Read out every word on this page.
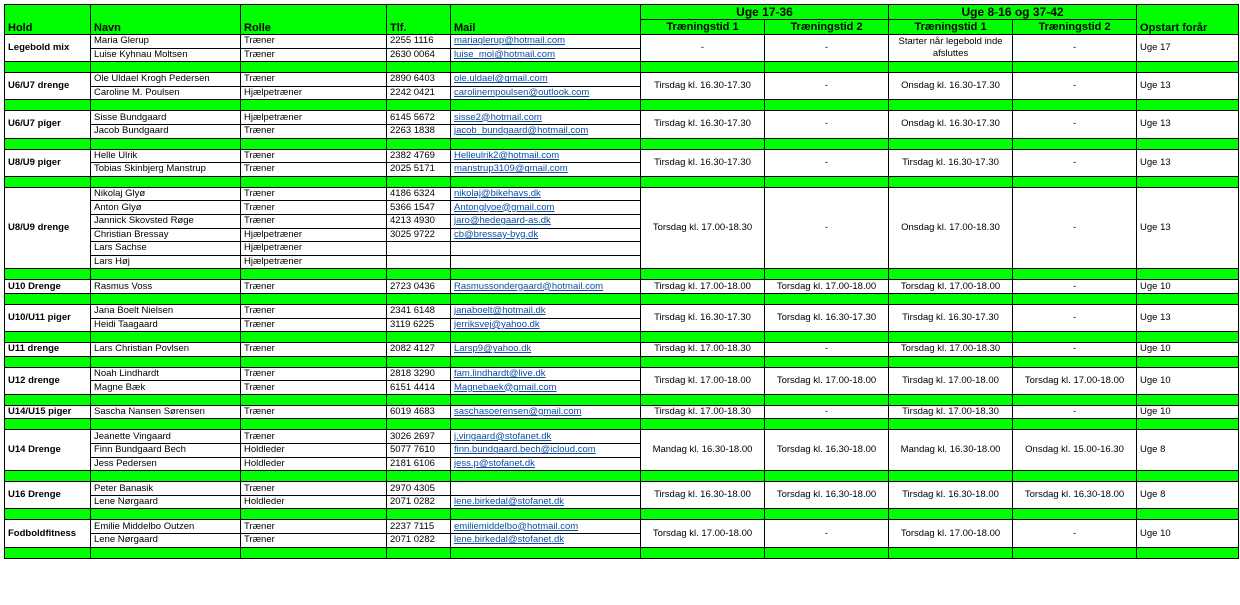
Hold	Navn	Rolle	Tlf.	Mail	Uge 17-36		Uge 8-16 og 37-42		Opstart forår
					Træningstid 1	Træningstid 2	Træningstid 1	Træningstid 2	
Legebold mix	Maria Glerup	Træner	2255 1116	mariaglerup@hotmail.com	-	-	Starter når legebold inde afsluttes	-	Uge 17
	Luise Kyhnau Moltsen	Træner	2630 0064	luise_mol@hotmail.com					

U6/U7 drenge	Ole Uldael Krogh Pedersen	Træner	2890 6403	ole.uldael@gmail.com	Tirsdag kl. 16.30-17.30	-	Onsdag kl. 16.30-17.30	-	Uge 13
	Caroline M. Poulsen	Hjælpetræner	2242 0421	carolinempoulsen@outlook.com					

U6/U7 piger	Sisse Bundgaard	Hjælpetræner	6145 5672	sisse2@hotmail.com	Tirsdag kl. 16.30-17.30	-	Onsdag kl. 16.30-17.30	-	Uge 13
	Jacob Bundgaard	Træner	2263 1838	jacob_bundgaard@hotmail.com					

U8/U9 piger	Helle Ulrik	Træner	2382 4769	Helleulrik2@hotmail.com	Tirsdag kl. 16.30-17.30	-	Tirsdag kl. 16.30-17.30	-	Uge 13
	Tobias Skinbjerg Manstrup	Træner	2025 5171	manstrup3109@gmail.com					

U8/U9 drenge	Nikolaj Glyø	Træner	4186 6324	nikolaj@bikehavs.dk	Torsdag kl. 17.00-18.30	-	Onsdag kl. 17.00-18.30	-	Uge 13
	Anton Glyø	Træner	5366 1547	Antonglyoe@gmail.com					
	Jannick Skovsted Røge	Træner	4213 4930	jaro@hedegaard-as.dk					
	Christian Bressay	Hjælpetræner	3025 9722	cb@bressay-byg.dk					
	Lars Sachse	Hjælpetræner							
	Lars Høj	Hjælpetræner							

U10 Drenge	Rasmus Voss	Træner	2723 0436	Rasmussondergaard@hotmail.com	Tirsdag kl. 17.00-18.00	Torsdag kl. 17.00-18.00	Torsdag kl. 17.00-18.00	-	Uge 10

U10/U11 piger	Jana Boelt Nielsen	Træner	2341 6148	janaboelt@hotmail.dk	Tirsdag kl. 16.30-17.30	Torsdag kl. 16.30-17.30	Tirsdag kl. 16.30-17.30	-	Uge 13
	Heidi Taagaard	Træner	3119 6225	jerriksvej@yahoo.dk					

U11 drenge	Lars Christian Povlsen	Træner	2082 4127	Larsp9@yahoo.dk	Tirsdag kl. 17.00-18.30	-	Torsdag kl. 17.00-18.30	-	Uge 10

U12 drenge	Noah Lindhardt	Træner	2818 3290	fam.lindhardt@live.dk	Tirsdag kl. 17.00-18.00	Torsdag kl. 17.00-18.00	Tirsdag kl. 17.00-18.00	Torsdag kl. 17.00-18.00	Uge 10
	Magne Bæk	Træner	6151 4414	Magnebaek@gmail.com					

U14/U15 piger	Sascha Nansen Sørensen	Træner	6019 4683	saschasoerensen@gmail.com	Tirsdag kl. 17.00-18.30	-	Tirsdag kl. 17.00-18.30	-	Uge 10

U14 Drenge	Jeanette Vingaard	Træner	3026 2697	j.vingaard@stofanet.dk	Mandag kl. 16.30-18.00	Torsdag kl. 16.30-18.00	Mandag kl. 16.30-18.00	Onsdag kl. 15.00-16.30	Uge 8
	Finn Bundgaard Bech	Holdleder	5077 7610	finn.bundgaard.bech@icloud.com					
	Jess Pedersen	Holdleder	2181 6106	jess.p@stofanet.dk					

U16 Drenge	Peter Banasik	Træner	2970 4305		Tirsdag kl. 16.30-18.00	Torsdag kl. 16.30-18.00	Tirsdag kl. 16.30-18.00	Torsdag kl. 16.30-18.00	Uge 8
	Lene Nørgaard	Holdleder	2071 0282	lene.birkedal@stofanet.dk					

Fodboldfitness	Emilie Middelbo Outzen	Træner	2237 7115	emiliemiddelbo@hotmail.com	Torsdag kl. 17.00-18.00	-	Torsdag kl. 17.00-18.00	-	Uge 10
	Lene Nørgaard	Træner	2071 0282	lene.birkedal@stofanet.dk					
